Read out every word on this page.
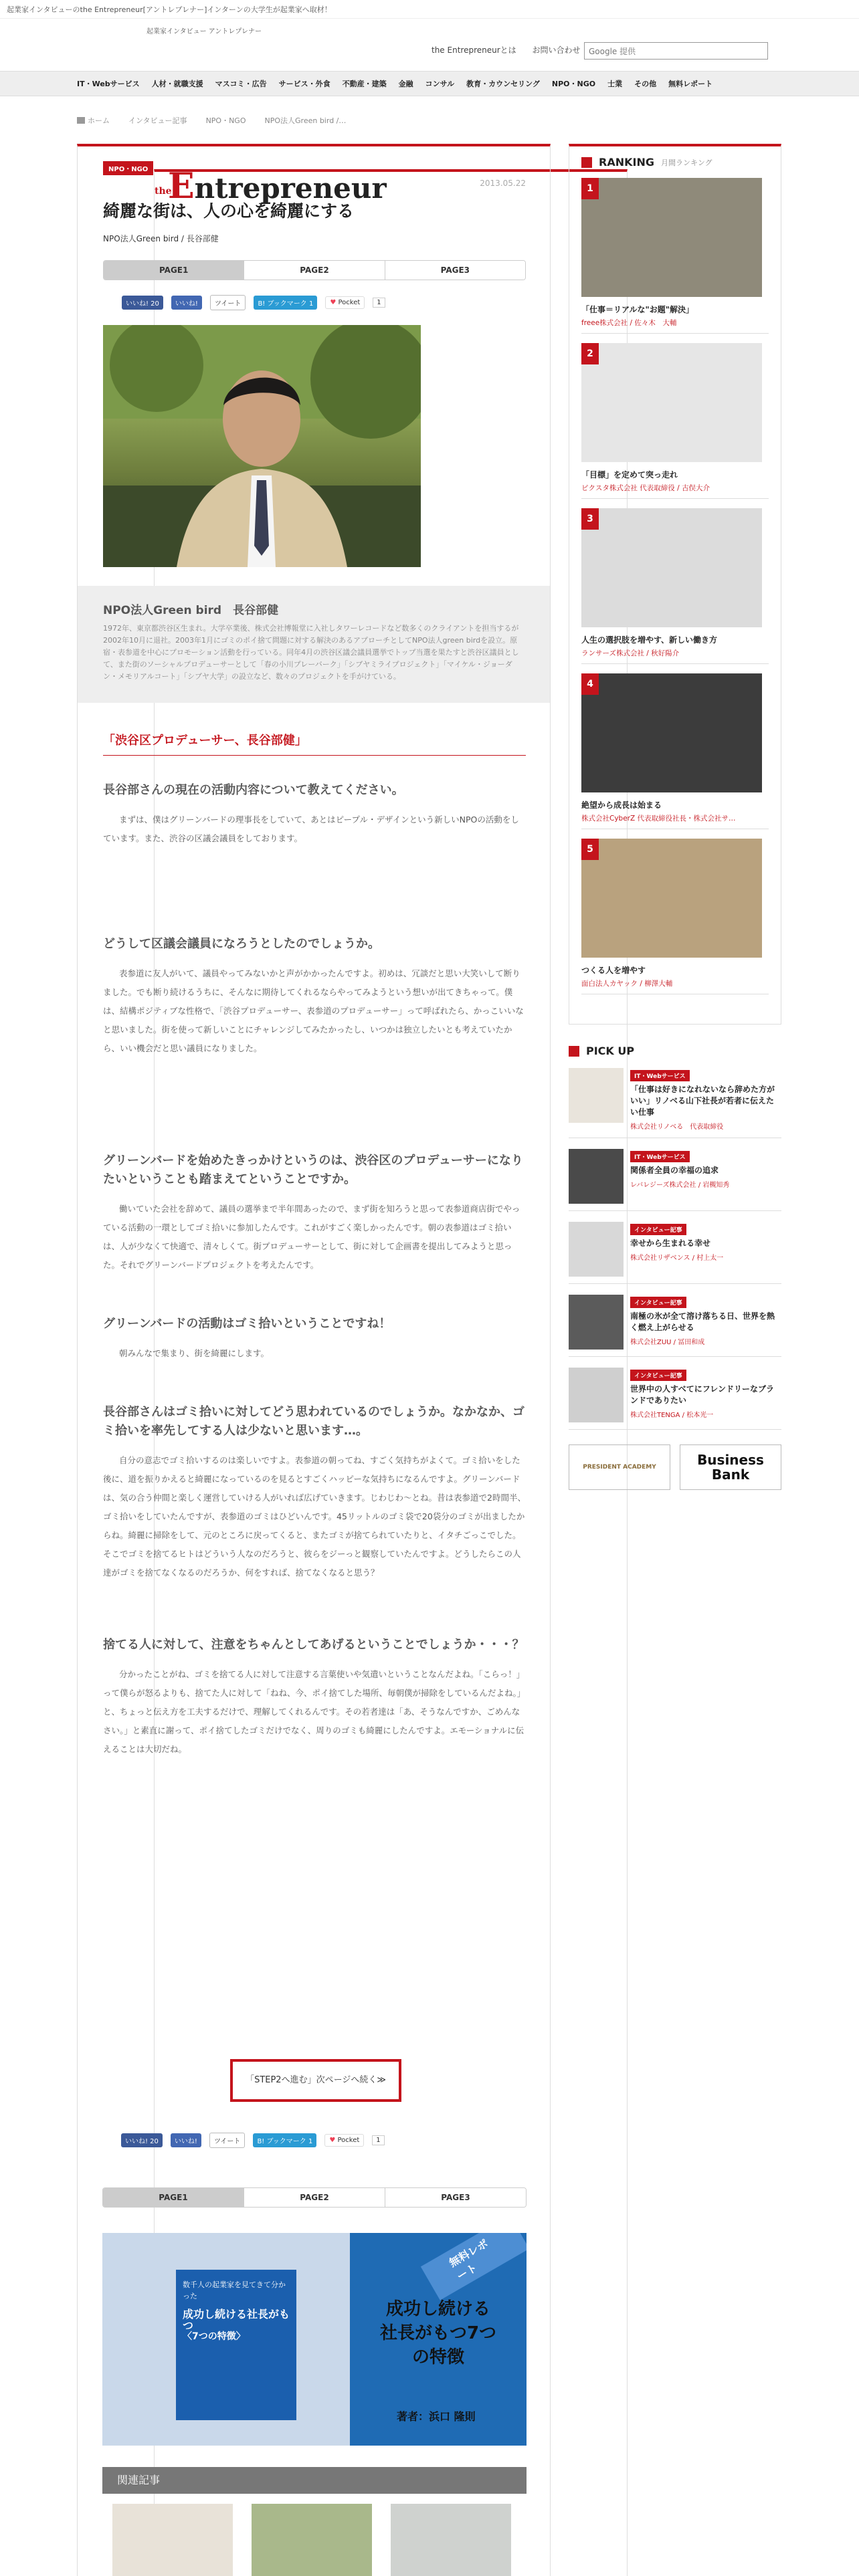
起業家インタビューのthe Entrepreneur[アントレプレナー]インターンの大学生が起業家へ取材！
起業家インタビュー アントレプレナー
theEntrepreneur
the Entrepreneurとは お問い合わせ	Google 提供
IT・Webサービス 人材・就職支援 マスコミ・広告 サービス・外食 不動産・建築 金融 コンサル 教育・カウンセリング NPO・NGO 士業 その他 無料レポート
ホーム	インタビュー記事	NPO・NGO	NPO法人Green bird /…
NPO・NGO
2013.05.22
綺麗な街は、人の心を綺麗にする
NPO法人Green bird / 長谷部健
PAGE1	PAGE2	PAGE3
いいね! 20	いいね!	ツイート	B! ブックマーク 1	♥ Pocket	1
NPO法人Green bird　長谷部健

1972年、東京都渋谷区生まれ。大学卒業後、株式会社博報堂に入社しタワーレコードなど数多くのクライアントを担当するが2002年10月に退社。2003年1月にゴミのポイ捨て問題に対する解決のあるアプローチとしてNPO法人green birdを設立。原宿・表参道を中心にプロモーション活動を行っている。同年4月の渋谷区議会議員選挙でトップ当選を果たすと渋谷区議員として、また街のソーシャルプロデューサーとして「春の小川プレーバーク」「シブヤミライプロジェクト」「マイケル・ジョーダン・メモリアルコート」「シブヤ大学」の設立など、数々のプロジェクトを手がけている。

「渋谷区プロデューサー、長谷部健」
長谷部さんの現在の活動内容について教えてください。

まずは、僕はグリーンバードの理事長をしていて、あとはピープル・デザインという新しいNPOの活動をしています。また、渋谷の区議会議員をしております。

どうして区議会議員になろうとしたのでしょうか。

表参道に友人がいて、議員やってみないかと声がかかったんですよ。初めは、冗談だと思い大笑いして断りました。でも断り続けるうちに、そんなに期待してくれるならやってみようという想いが出てきちゃって。僕は、結構ポジティブな性格で、「渋谷プロデューサー、表参道のプロデューサー」って呼ばれたら、かっこいいなと思いました。街を使って新しいことにチャレンジしてみたかったし、いつかは独立したいとも考えていたから、いい機会だと思い議員になりました。

グリーンバードを始めたきっかけというのは、渋谷区のプロデューサーになりたいということも踏まえてということですか。

働いていた会社を辞めて、議員の選挙まで半年間あったので、まず街を知ろうと思って表参道商店街でやっている活動の一環としてゴミ拾いに参加したんです。これがすごく楽しかったんです。朝の表参道はゴミ拾いは、人が少なくて快適で、清々しくて。街プロデューサーとして、街に対して企画書を提出してみようと思った。それでグリーンバードプロジェクトを考えたんです。

グリーンバードの活動はゴミ拾いということですね！

朝みんなで集まり、街を綺麗にします。

長谷部さんはゴミ拾いに対してどう思われているのでしょうか。なかなか、ゴミ拾いを率先してする人は少ないと思います…。

自分の意志でゴミ拾いするのは楽しいですよ。表参道の朝ってね、すごく気持ちがよくて。ゴミ拾いをした後に、道を振りかえると綺麗になっているのを見るとすごくハッピーな気持ちになるんですよ。グリーンバードは、気の合う仲間と楽しく運営していける人がいれば広げていきます。じわじわ～とね。昔は表参道で2時間半、ゴミ拾いをしていたんですが、表参道のゴミはひどいんです。45リットルのゴミ袋で20袋分のゴミが出ましたからね。綺麗に掃除をして、元のところに戻ってくると、またゴミが捨てられていたりと、イタチごっこでした。そこでゴミを捨てるヒトはどういう人なのだろうと、彼らをジーっと観察していたんですよ。どうしたらこの人達がゴミを捨てなくなるのだろうか、何をすれば、捨てなくなると思う？

捨てる人に対して、注意をちゃんとしてあげるということでしょうか・・・？

分かったことがね、ゴミを捨てる人に対して注意する言葉使いや気遣いということなんだよね。「こらっ！」って僕らが怒るよりも、捨てた人に対して「ねね、今、ポイ捨てした場所、毎朝僕が掃除をしているんだよね。」と、ちょっと伝え方を工夫するだけで、理解してくれるんです。その若者達は「あ、そうなんですか、ごめんなさい。」と素直に謝って、ポイ捨てしたゴミだけでなく、周りのゴミも綺麗にしたんですよ。エモーショナルに伝えることは大切だね。

「STEP2へ進む」次ページへ続く≫
いいね! 20	いいね!	ツイート	B! ブックマーク 1	♥ Pocket	1
PAGE1	PAGE2	PAGE3
数千人の起業家を見てきて分かった
成功し続ける社長がもつ
〈7つの特徴〉
無料レポート
成功し続ける社長がもつ7つの特徴
著者：浜口 隆則
関連記事
RANKING 月間ランキング
1
「仕事＝リアルな"お題"解決」
freee株式会社 / 佐々木　大輔
2
「目標」を定めて突っ走れ
ピクスタ株式会社 代表取締役 / 古俣大介
3
人生の選択肢を増やす、新しい働き方
ランサーズ株式会社 / 秋好陽介
4
絶望から成長は始まる
株式会社CyberZ 代表取締役社長・株式会社サ…
5
つくる人を増やす
面白法人カヤック / 柳澤大輔
PICK UP
IT・Webサービス
「仕事は好きになれないなら辞めた方がいい」リノベる山下社長が若者に伝えたい仕事
株式会社リノベる　代表取締役
IT・Webサービス
関係者全員の幸福の追求
レバレジーズ株式会社 / 岩槻知秀
インタビュー記事
幸せから生まれる幸せ
株式会社リザベンス / 村上太一
インタビュー記事
南極の氷が全て溶け落ちる日、世界を熱く燃え上がらせる
株式会社ZUU / 冨田和成
インタビュー記事
世界中の人すべてにフレンドリーなブランドでありたい
株式会社TENGA / 松本光一
PRESIDENT ACADEMY	Business Bank
